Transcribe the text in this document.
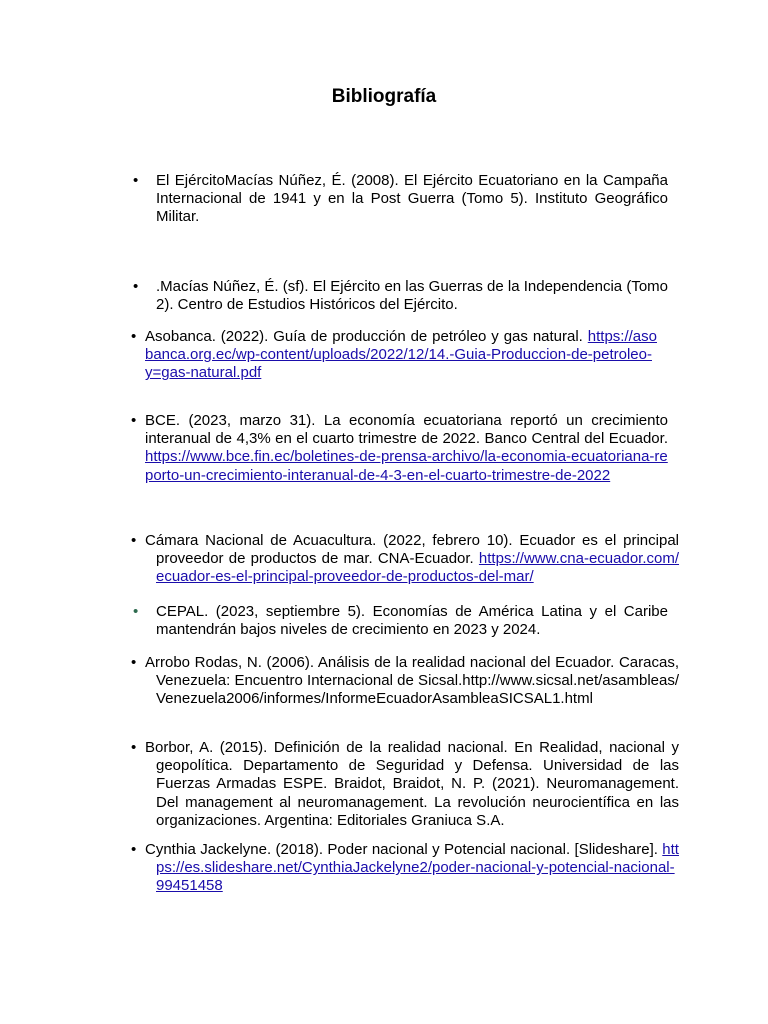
Bibliografía
• El EjércitoMacías Núñez, É. (2008). El Ejército Ecuatoriano en la Campaña Internacional de 1941 y en la Post Guerra (Tomo 5). Instituto Geográfico Militar.
• .Macías Núñez, É. (sf). El Ejército en las Guerras de la Independencia (Tomo 2). Centro de Estudios Históricos del Ejército.
• Asobanca. (2022). Guía de producción de petróleo y gas natural. https://asobanca.org.ec/wp-content/uploads/2022/12/14.-Guia-Produccion-de-petroleo-y=gas-natural.pdf
• BCE. (2023, marzo 31). La economía ecuatoriana reportó un crecimiento interanual de 4,3% en el cuarto trimestre de 2022. Banco Central del Ecuador. https://www.bce.fin.ec/boletines-de-prensa-archivo/la-economia-ecuatoriana-reporto-un-crecimiento-interanual-de-4-3-en-el-cuarto-trimestre-de-2022
• Cámara Nacional de Acuacultura. (2022, febrero 10). Ecuador es el principal proveedor de productos de mar. CNA-Ecuador. https://www.cna-ecuador.com/ecuador-es-el-principal-proveedor-de-productos-del-mar/
• CEPAL. (2023, septiembre 5). Economías de América Latina y el Caribe mantendrán bajos niveles de crecimiento en 2023 y 2024.
• Arrobo Rodas, N. (2006). Análisis de la realidad nacional del Ecuador. Caracas, Venezuela: Encuentro Internacional de Sicsal.http://www.sicsal.net/asambleas/Venezuela2006/informes/InformeEcuadorAsambleaSICSAL1.html
• Borbor, A. (2015). Definición de la realidad nacional. En Realidad, nacional y geopolítica. Departamento de Seguridad y Defensa. Universidad de las Fuerzas Armadas ESPE. Braidot, Braidot, N. P. (2021). Neuromanagement. Del management al neuromanagement. La revolución neurocientífica en las organizaciones. Argentina: Editoriales Graniuca S.A.
• Cynthia Jackelyne. (2018). Poder nacional y Potencial nacional. [Slideshare]. https://es.slideshare.net/CynthiaJackelyne2/poder-nacional-y-potencial-nacional-99451458
